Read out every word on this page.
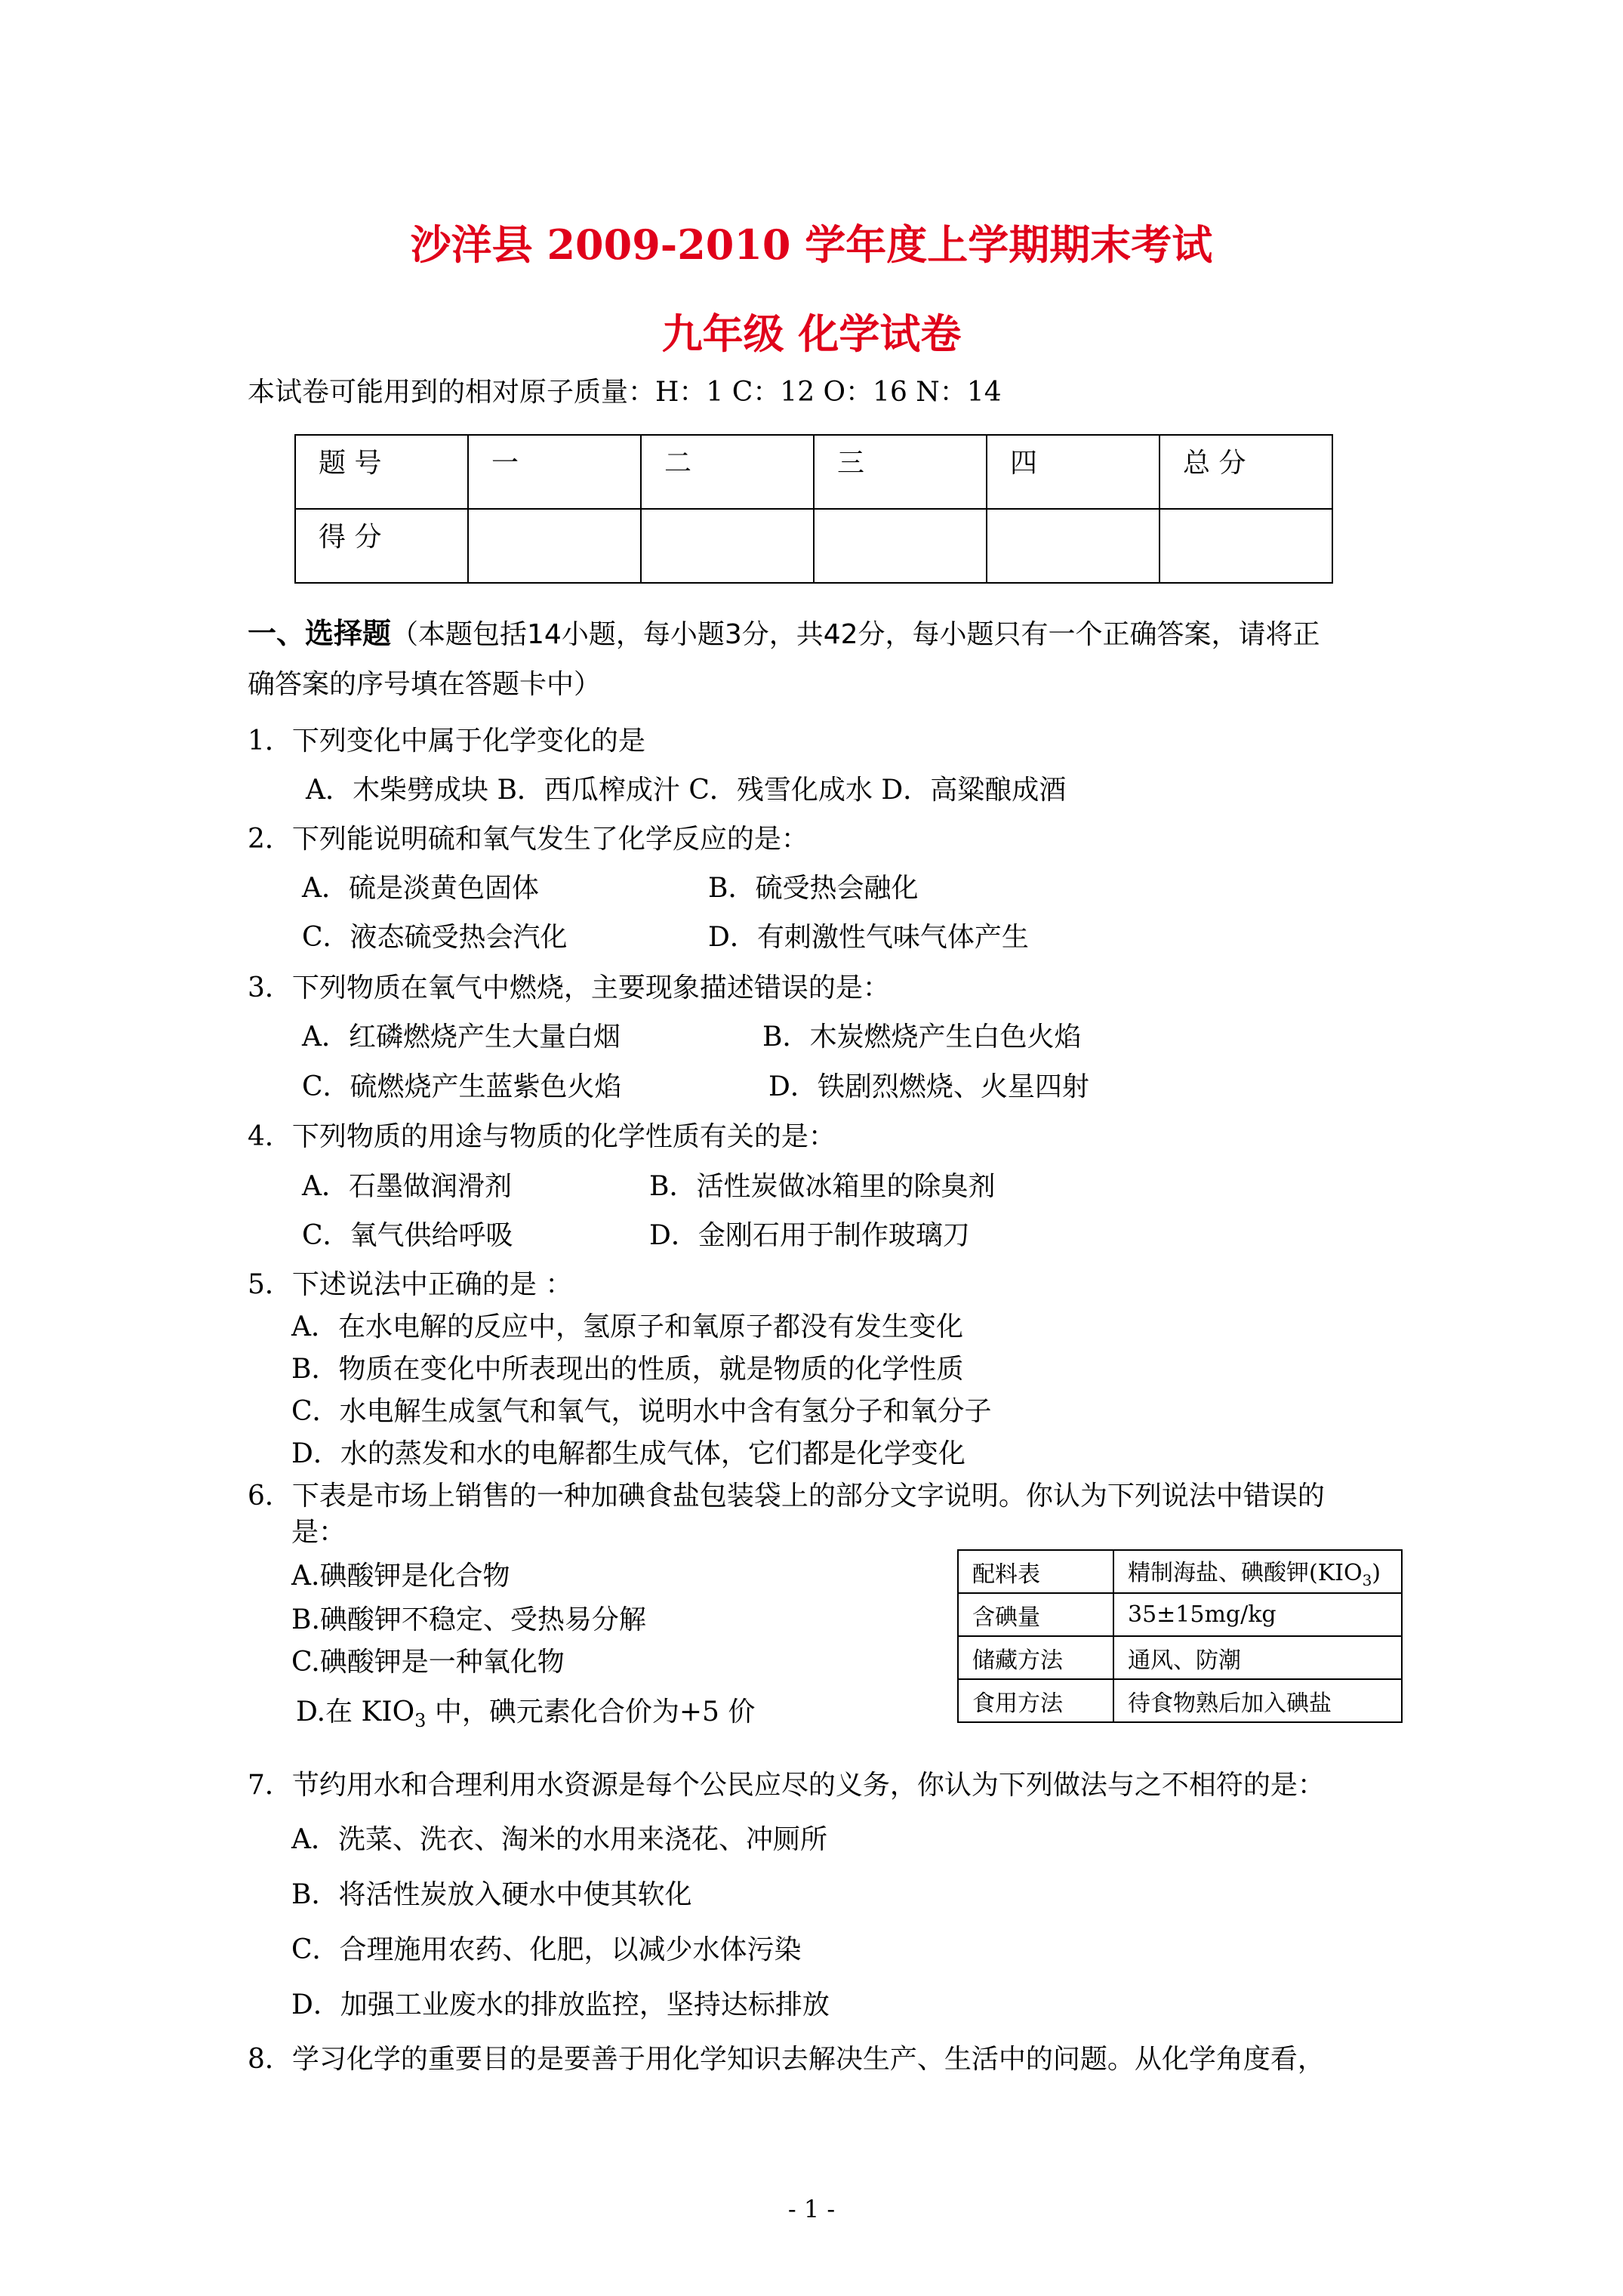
沙洋县 2009-2010 学年度上学期期末考试
九年级 化学试卷
本试卷可能用到的相对原子质量：H：1 C：12 O：16 N：14
题 号	一	二	三	四	总 分
得 分					
一、选择题（本题包括14小题，每小题3分，共42分，每小题只有一个正确答案，请将正
确答案的序号填在答题卡中）
1．下列变化中属于化学变化的是
A．木柴劈成块 B．西瓜榨成汁 C．残雪化成水 D．高粱酿成酒
2．下列能说明硫和氧气发生了化学反应的是：
A．硫是淡黄色固体	B．硫受热会融化
C．液态硫受热会汽化	D．有刺激性气味气体产生
3．下列物质在氧气中燃烧，主要现象描述错误的是：
A．红磷燃烧产生大量白烟	B．木炭燃烧产生白色火焰
C．硫燃烧产生蓝紫色火焰	D．铁剧烈燃烧、火星四射
4．下列物质的用途与物质的化学性质有关的是：
A．石墨做润滑剂	B．活性炭做冰箱里的除臭剂
C．氧气供给呼吸	D．金刚石用于制作玻璃刀
5．下述说法中正确的是 ：
A．在水电解的反应中，氢原子和氧原子都没有发生变化
B．物质在变化中所表现出的性质，就是物质的化学性质
C．水电解生成氢气和氧气，说明水中含有氢分子和氧分子
D．水的蒸发和水的电解都生成气体，它们都是化学变化
6．下表是市场上销售的一种加碘食盐包装袋上的部分文字说明。你认为下列说法中错误的
是：
A.碘酸钾是化合物
B.碘酸钾不稳定、受热易分解
C.碘酸钾是一种氧化物
D.在 $KIO_3$ 中，碘元素化合价为+5 价
配料表	精制海盐、碘酸钾$(KIO_3)$
含碘量	35±15mg/kg
储藏方法	通风、防潮
食用方法	待食物熟后加入碘盐
7．节约用水和合理利用水资源是每个公民应尽的义务，你认为下列做法与之不相符的是：
A．洗菜、洗衣、淘米的水用来浇花、冲厕所
B．将活性炭放入硬水中使其软化
C．合理施用农药、化肥，以减少水体污染
D．加强工业废水的排放监控，坚持达标排放
8．学习化学的重要目的是要善于用化学知识去解决生产、生活中的问题。从化学角度看，
- 1 -
